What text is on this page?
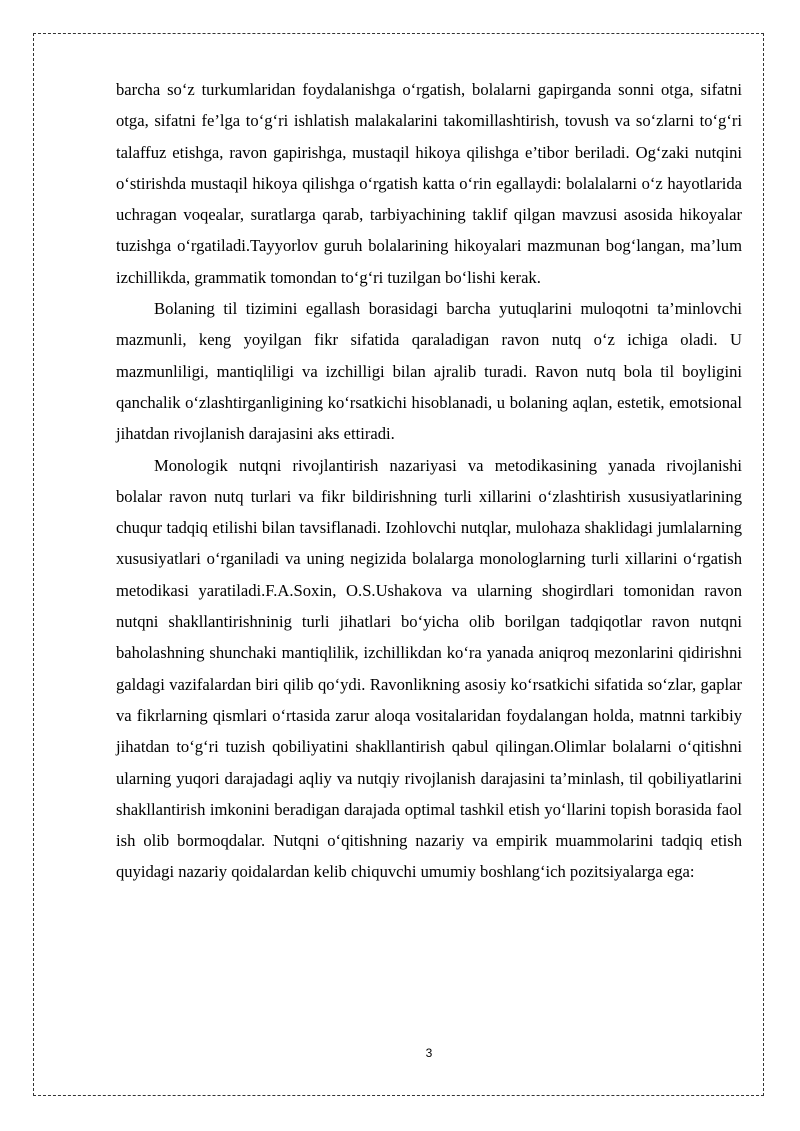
barcha so‘z turkumlaridan foydalanishga o‘rgatish, bolalarni gapirganda sonni otga, sifatni otga, sifatni fe’lga to‘g‘ri ishlatish malakalarini takomillashtirish, tovush va so‘zlarni to‘g‘ri talaffuz etishga, ravon gapirishga, mustaqil hikoya qilishga e’tibor beriladi. Og‘zaki nutqini o‘stirishda mustaqil hikoya qilishga o‘rgatish katta o‘rin egallaydi: bolalalarni o‘z hayotlarida uchragan voqealar, suratlarga qarab, tarbiyachining taklif qilgan mavzusi asosida hikoyalar tuzishga o‘rgatiladi.Tayyorlov guruh bolalarining hikoyalari mazmunan bog‘langan, ma’lum izchillikda, grammatik tomondan to‘g‘ri tuzilgan bo‘lishi kerak.

Bolaning til tizimini egallash borasidagi barcha yutuqlarini muloqotni ta’minlovchi mazmunli, keng yoyilgan fikr sifatida qaraladigan ravon nutq o‘z ichiga oladi. U mazmunliligi, mantiqliligi va izchilligi bilan ajralib turadi. Ravon nutq bola til boyligini qanchalik o‘zlashtirganligining ko‘rsatkichi hisoblanadi, u bolaning aqlan, estetik, emotsional jihatdan rivojlanish darajasini aks ettiradi.

Monologik nutqni rivojlantirish nazariyasi va metodikasining yanada rivojlanishi bolalar ravon nutq turlari va fikr bildirishning turli xillarini o‘zlashtirish xususiyatlarining chuqur tadqiq etilishi bilan tavsiflanadi. Izohlovchi nutqlar, mulohaza shaklidagi jumlalarning xususiyatlari o‘rganiladi va uning negizida bolalarga monologlarning turli xillarini o‘rgatish metodikasi yaratiladi.F.A.Soxin, O.S.Ushakova va ularning shogirdlari tomonidan ravon nutqni shakllantirishninig turli jihatlari bo‘yicha olib borilgan tadqiqotlar ravon nutqni baholashning shunchaki mantiqlilik, izchillikdan ko‘ra yanada aniqroq mezonlarini qidirishni galdagi vazifalardan biri qilib qo‘ydi. Ravonlikning asosiy ko‘rsatkichi sifatida so‘zlar, gaplar va fikrlarning qismlari o‘rtasida zarur aloqa vositalaridan foydalangan holda, matnni tarkibiy jihatdan to‘g‘ri tuzish qobiliyatini shakllantirish qabul qilingan.Olimlar bolalarni o‘qitishni ularning yuqori darajadagi aqliy va nutqiy rivojlanish darajasini ta’minlash, til qobiliyatlarini shakllantirish imkonini beradigan darajada optimal tashkil etish yo‘llarini topish borasida faol ish olib bormoqdalar. Nutqni o‘qitishning nazariy va empirik muammolarini tadqiq etish quyidagi nazariy qoidalardan kelib chiquvchi umumiy boshlang‘ich pozitsiyalarga ega:

3
